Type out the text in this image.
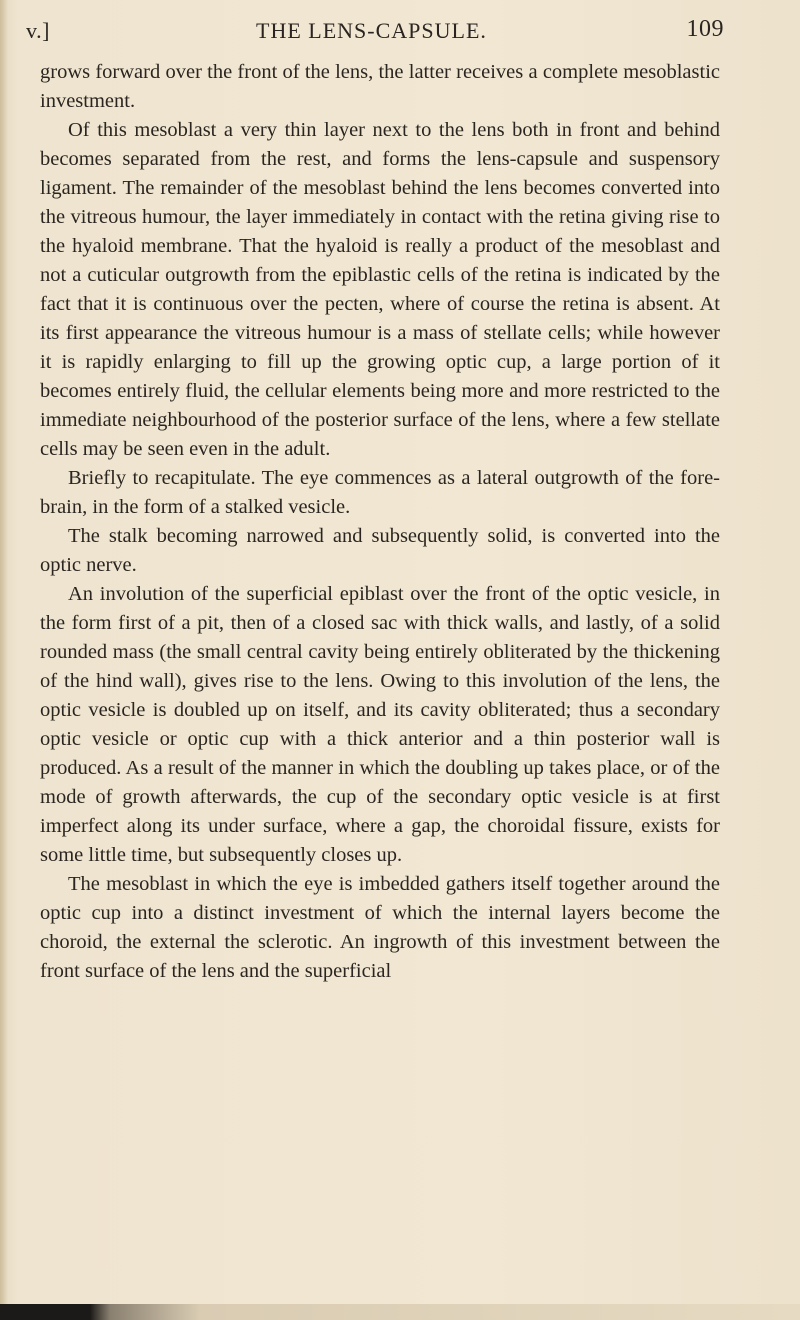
v.]	THE LENS-CAPSULE.	109

grows forward over the front of the lens, the latter receives a complete mesoblastic investment.

Of this mesoblast a very thin layer next to the lens both in front and behind becomes separated from the rest, and forms the lens-capsule and suspensory ligament. The remainder of the mesoblast behind the lens becomes converted into the vitreous humour, the layer immediately in contact with the retina giving rise to the hyaloid membrane. That the hyaloid is really a product of the mesoblast and not a cuticular outgrowth from the epiblastic cells of the retina is indicated by the fact that it is continuous over the pecten, where of course the retina is absent. At its first appearance the vitreous humour is a mass of stellate cells; while however it is rapidly enlarging to fill up the growing optic cup, a large portion of it becomes entirely fluid, the cellular elements being more and more restricted to the immediate neighbourhood of the posterior surface of the lens, where a few stellate cells may be seen even in the adult.

Briefly to recapitulate. The eye commences as a lateral outgrowth of the fore-brain, in the form of a stalked vesicle.

The stalk becoming narrowed and subsequently solid, is converted into the optic nerve.

An involution of the superficial epiblast over the front of the optic vesicle, in the form first of a pit, then of a closed sac with thick walls, and lastly, of a solid rounded mass (the small central cavity being entirely obliterated by the thickening of the hind wall), gives rise to the lens. Owing to this involution of the lens, the optic vesicle is doubled up on itself, and its cavity obliterated; thus a secondary optic vesicle or optic cup with a thick anterior and a thin posterior wall is produced. As a result of the manner in which the doubling up takes place, or of the mode of growth afterwards, the cup of the secondary optic vesicle is at first imperfect along its under surface, where a gap, the choroidal fissure, exists for some little time, but subsequently closes up.

The mesoblast in which the eye is imbedded gathers itself together around the optic cup into a distinct investment of which the internal layers become the choroid, the external the sclerotic. An ingrowth of this investment between the front surface of the lens and the superficial
